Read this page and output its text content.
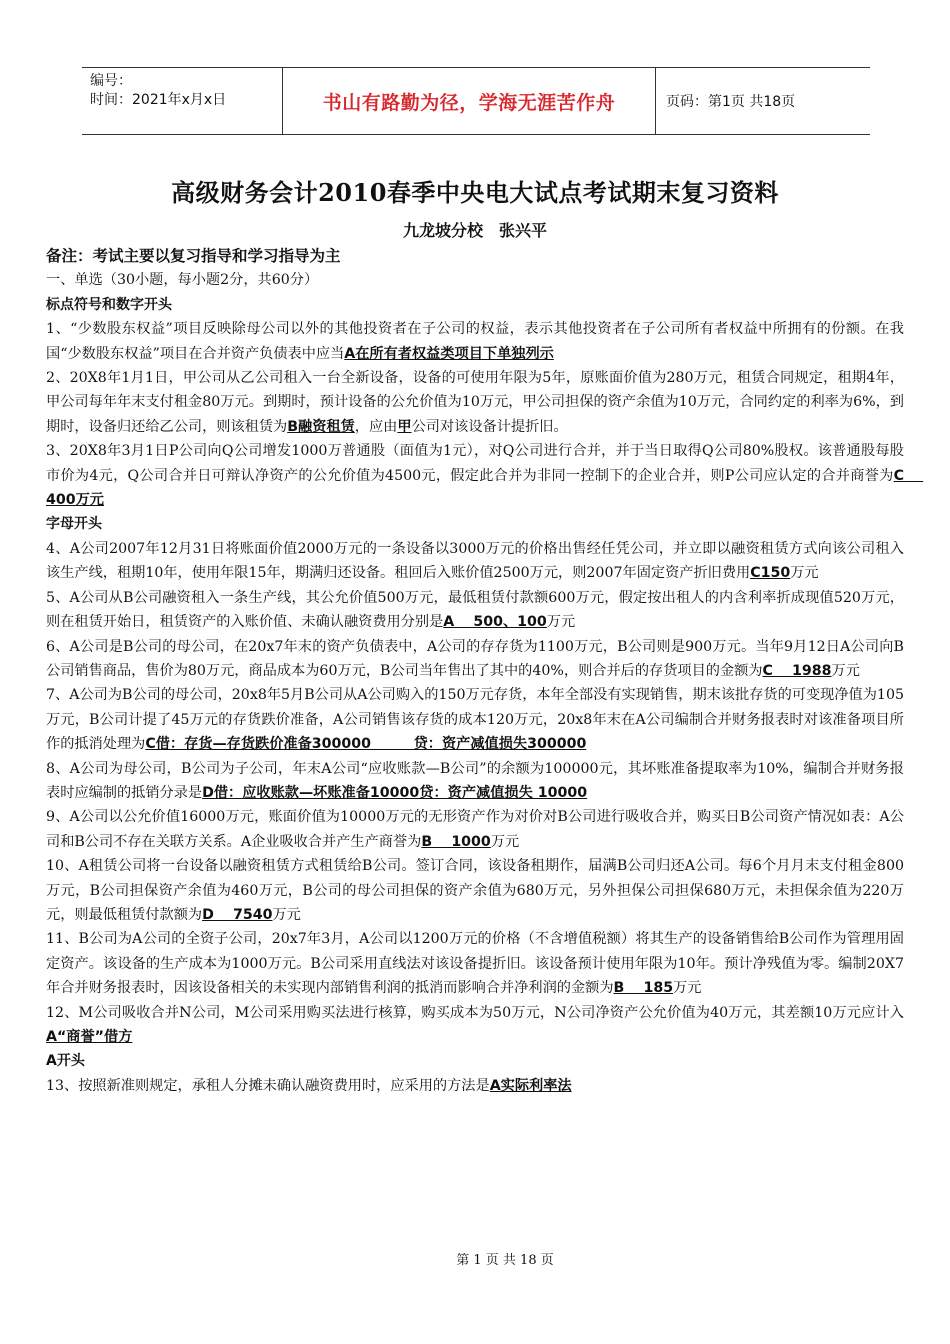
编号：
时间：2021年x月x日	书山有路勤为径，学海无涯苦作舟	页码：第1页 共18页
高级财务会计2010春季中央电大试点考试期末复习资料
九龙坡分校　张兴平

备注：考试主要以复习指导和学习指导为主

一、单选（30小题，每小题2分，共60分）

标点符号和数字开头

1、“少数股东权益”项目反映除母公司以外的其他投资者在子公司的权益，表示其他投资者在子公司所有者权益中所拥有的份额。在我国“少数股东权益”项目在合并资产负债表中应当A在所有者权益类项目下单独列示

2、20X8年1月1日，甲公司从乙公司租入一台全新设备，设备的可使用年限为5年，原账面价值为280万元，租赁合同规定，租期4年，甲公司每年年末支付租金80万元。到期时，预计设备的公允价值为10万元，甲公司担保的资产余值为10万元，合同约定的利率为6%，到期时，设备归还给乙公司，则该租赁为B融资租赁，应由甲公司对该设备计提折旧。

3、20X8年3月1日P公司向Q公司增发1000万普通股（面值为1元），对Q公司进行合并，并于当日取得Q公司80%股权。该普通股每股市价为4元，Q公司合并日可辩认净资产的公允价值为4500元，假定此合并为非同一控制下的企业合并，则P公司应认定的合并商誉为C　 400万元

字母开头

4、A公司2007年12月31日将账面价值2000万元的一条设备以3000万元的价格出售经任凭公司，并立即以融资租赁方式向该公司租入该生产线，租期10年，使用年限15年，期满归还设备。租回后入账价值2500万元，则2007年固定资产折旧费用C150万元

5、A公司从B公司融资租入一条生产线，其公允价值500万元，最低租赁付款额600万元，假定按出租人的内含利率折成现值520万元，则在租赁开始日，租赁资产的入账价值、未确认融资费用分别是A　 500、100万元

6、A公司是B公司的母公司，在20x7年末的资产负债表中，A公司的存存货为1100万元，B公司则是900万元。当年9月12日A公司向B公司销售商品，售价为80万元，商品成本为60万元，B公司当年售出了其中的40%，则合并后的存货项目的金额为C　 1988万元

7、A公司为B公司的母公司，20x8年5月B公司从A公司购入的150万元存货，本年全部没有实现销售，期末该批存货的可变现净值为105万元，B公司计提了45万元的存货跌价准备，A公司销售该存货的成本120万元，20x8年末在A公司编制合并财务报表时对该准备项目所作的抵消处理为C借：存货—存货跌价准备300000　　　贷：资产减值损失300000

8、A公司为母公司，B公司为子公司，年末A公司“应收账款—B公司”的余额为100000元，其坏账准备提取率为10%，编制合并财务报表时应编制的抵销分录是D借：应收账款—坏账准备10000贷：资产减值损失 10000

9、A公司以公允价值16000万元，账面价值为10000万元的无形资产作为对价对B公司进行吸收合并，购买日B公司资产情况如表：A公司和B公司不存在关联方关系。A企业吸收合并产生产商誉为B　 1000万元

10、A租赁公司将一台设备以融资租赁方式租赁给B公司。签订合同，该设备租期作，届满B公司归还A公司。每6个月月末支付租金800万元，B公司担保资产余值为460万元，B公司的母公司担保的资产余值为680万元，另外担保公司担保680万元，未担保余值为220万元，则最低租赁付款额为D　 7540万元

11、B公司为A公司的全资子公司，20x7年3月，A公司以1200万元的价格（不含增值税额）将其生产的设备销售给B公司作为管理用固定资产。该设备的生产成本为1000万元。B公司采用直线法对该设备提折旧。该设备预计使用年限为10年。预计净残值为零。编制20X7年合并财务报表时，因该设备相关的未实现内部销售利润的抵消而影响合并净利润的金额为B　 185万元

12、M公司吸收合并N公司，M公司采用购买法进行核算，购买成本为50万元，N公司净资产公允价值为40万元，其差额10万元应计入A“商誉”借方

A开头

13、按照新准则规定，承租人分摊未确认融资费用时，应采用的方法是A实际利率法

第 1 页 共 18 页
